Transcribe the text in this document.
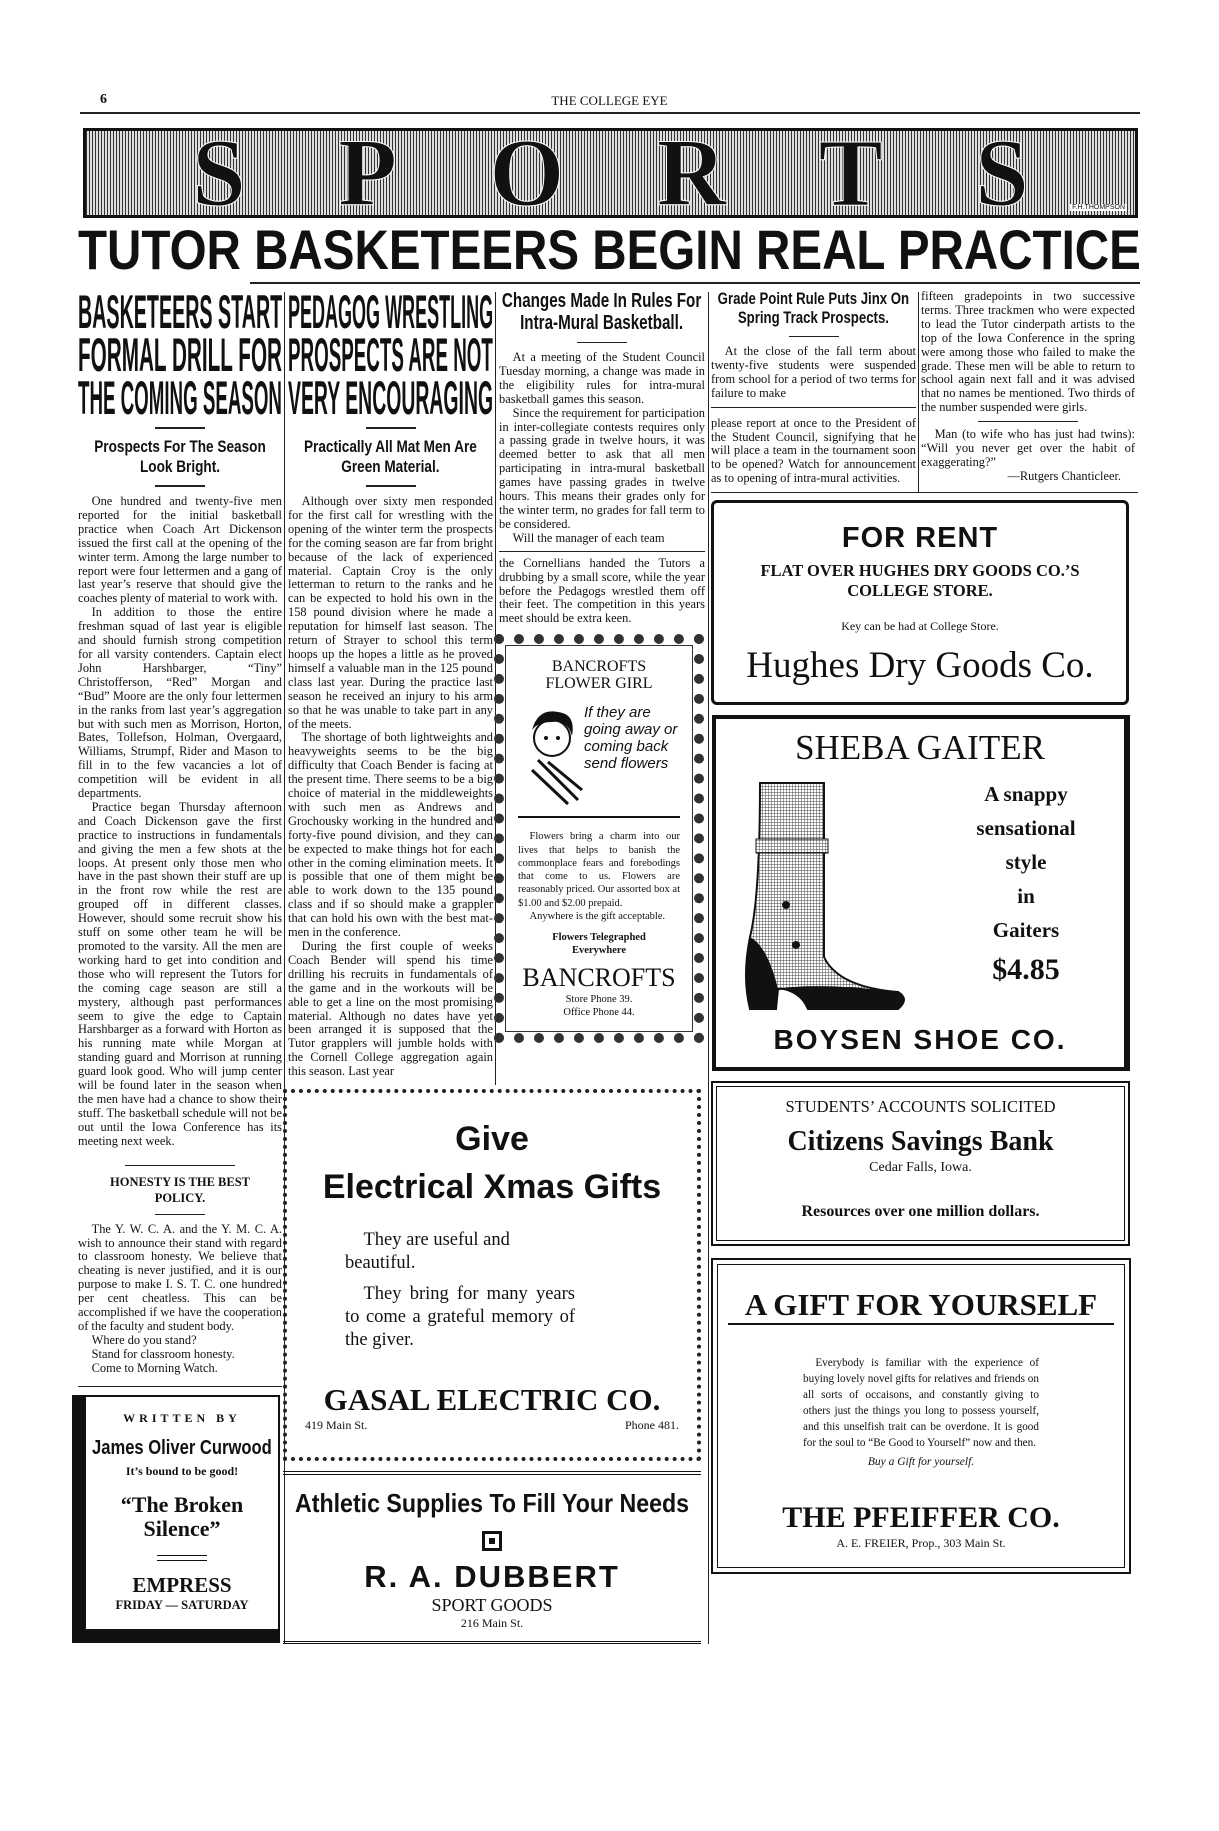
6	THE COLLEGE EYE
S P O R T S	F.H.THOMPSON
TUTOR BASKETEERS BEGIN REAL PRACTICE
BASKETEERS START FORMAL DRILL FOR THE COMING SEASON
Prospects For The Season Look Bright.

One hundred and twenty-five men reported for the initial basketball practice when Coach Art Dickenson issued the first call at the opening of the winter term. Among the large number to report were four lettermen and a gang of last year’s reserve that should give the coaches plenty of material to work with.

In addition to those the entire freshman squad of last year is eligible and should furnish strong competition for all varsity contenders. Captain elect John Harshbarger, “Tiny” Christofferson, “Red” Morgan and “Bud” Moore are the only four lettermen in the ranks from last year’s aggregation but with such men as Morrison, Horton, Bates, Tollefson, Holman, Overgaard, Williams, Strumpf, Rider and Mason to fill in to the few vacancies a lot of competition will be evident in all departments.

Practice began Thursday afternoon and Coach Dickenson gave the first practice to instructions in fundamentals and giving the men a few shots at the loops. At present only those men who have in the past shown their stuff are up in the front row while the rest are grouped off in different classes. However, should some recruit show his stuff on some other team he will be promoted to the varsity. All the men are working hard to get into condition and those who will represent the Tutors for the coming cage season are still a mystery, although past performances seem to give the edge to Captain Harshbarger as a forward with Horton as his running mate while Morgan at standing guard and Morrison at running guard look good. Who will jump center will be found later in the season when the men have had a chance to show their stuff. The basketball schedule will not be out until the Iowa Conference has its meeting next week.

HONESTY IS THE BEST POLICY.

The Y. W. C. A. and the Y. M. C. A. wish to announce their stand with regard to classroom honesty. We believe that cheating is never justified, and it is our purpose to make I. S. T. C. one hundred per cent cheatless. This can be accomplished if we have the cooperation of the faculty and student body.

Where do you stand?

Stand for classroom honesty.

Come to Morning Watch.

WRITTEN BY
James Oliver Curwood
It’s bound to be good!
“The Broken Silence”
EMPRESS
FRIDAY — SATURDAY
PEDAGOG WRESTLING PROSPECTS ARE NOT VERY ENCOURAGING
Practically All Mat Men Are Green Material.

Although over sixty men responded for the first call for wrestling with the opening of the winter term the prospects for the coming season are far from bright because of the lack of experienced material. Captain Croy is the only letterman to return to the ranks and he can be expected to hold his own in the 158 pound division where he made a reputation for himself last season. The return of Strayer to school this term hoops up the hopes a little as he proved himself a valuable man in the 125 pound class last year. During the practice last season he received an injury to his arm so that he was unable to take part in any of the meets.

The shortage of both lightweights and heavyweights seems to be the big difficulty that Coach Bender is facing at the present time. There seems to be a big choice of material in the middleweights with such men as Andrews and Grochousky working in the hundred and forty-five pound division, and they can be expected to make things hot for each other in the coming elimination meets. It is possible that one of them might be able to work down to the 135 pound class and if so should make a grappler that can hold his own with the best mat-men in the conference.

During the first couple of weeks Coach Bender will spend his time drilling his recruits in fundamentals of the game and in the workouts will be able to get a line on the most promising material. Although no dates have yet been arranged it is supposed that the Tutor grapplers will jumble holds with the Cornell College aggregation again this season. Last year

Changes Made In Rules For Intra-Mural Basketball.

At a meeting of the Student Council Tuesday morning, a change was made in the eligibility rules for intra-mural basketball games this season.

Since the requirement for participation in inter-collegiate contests requires only a passing grade in twelve hours, it was deemed better to ask that all men participating in intra-mural basketball games have passing grades in twelve hours. This means their grades only for the winter term, no grades for fall term to be considered.

Will the manager of each team

the Cornellians handed the Tutors a drubbing by a small score, while the year before the Pedagogs wrestled them off their feet. The competition in this years meet should be extra keen.

BANCROFTS FLOWER GIRL
If they are going away or coming back send flowers

Flowers bring a charm into our lives that helps to banish the commonplace fears and forebodings that come to us. Flowers are reasonably priced. Our assorted box at $1.00 and $2.00 prepaid.

Anywhere is the gift acceptable.

Flowers Telegraphed Everywhere
BANCROFTS
Store Phone 39.
Office Phone 44.
Give
Electrical Xmas Gifts
They are useful and beautiful.
They bring for many years to come a grateful memory of the giver.
GASAL ELECTRIC CO.
419 Main St.	Phone 481.
Athletic Supplies To Fill Your Needs
R. A. DUBBERT
SPORT GOODS
216 Main St.
Grade Point Rule Puts Jinx On Spring Track Prospects.

At the close of the fall term about twenty-five students were suspended from school for a period of two terms for failure to make

please report at once to the President of the Student Council, signifying that he will place a team in the tournament soon to be opened? Watch for announcement as to opening of intra-mural activities.

fifteen gradepoints in two successive terms. Three trackmen who were expected to lead the Tutor cinderpath artists to the top of the Iowa Conference in the spring were among those who failed to make the grade. These men will be able to return to school again next fall and it was advised that no names be mentioned. Two thirds of the number suspended were girls.

Man (to wife who has just had twins): “Will you never get over the habit of exaggerating?”

—Rutgers Chanticleer.
FOR RENT
FLAT OVER HUGHES DRY GOODS CO.’S COLLEGE STORE.
Key can be had at College Store.
Hughes Dry Goods Co.
SHEBA GAITER
A snappy
sensational
style
in
Gaiters
$4.85
BOYSEN SHOE CO.
STUDENTS’ ACCOUNTS SOLICITED
Citizens Savings Bank
Cedar Falls, Iowa.
Resources over one million dollars.
A GIFT FOR YOURSELF

Everybody is familiar with the experience of buying lovely novel gifts for relatives and friends on all sorts of occaisons, and constantly giving to others just the things you long to possess yourself, and this unselfish trait can be overdone. It is good for the soul to “Be Good to Yourself” now and then.

Buy a Gift for yourself.
THE PFEIFFER CO.
A. E. FREIER, Prop., 303 Main St.
